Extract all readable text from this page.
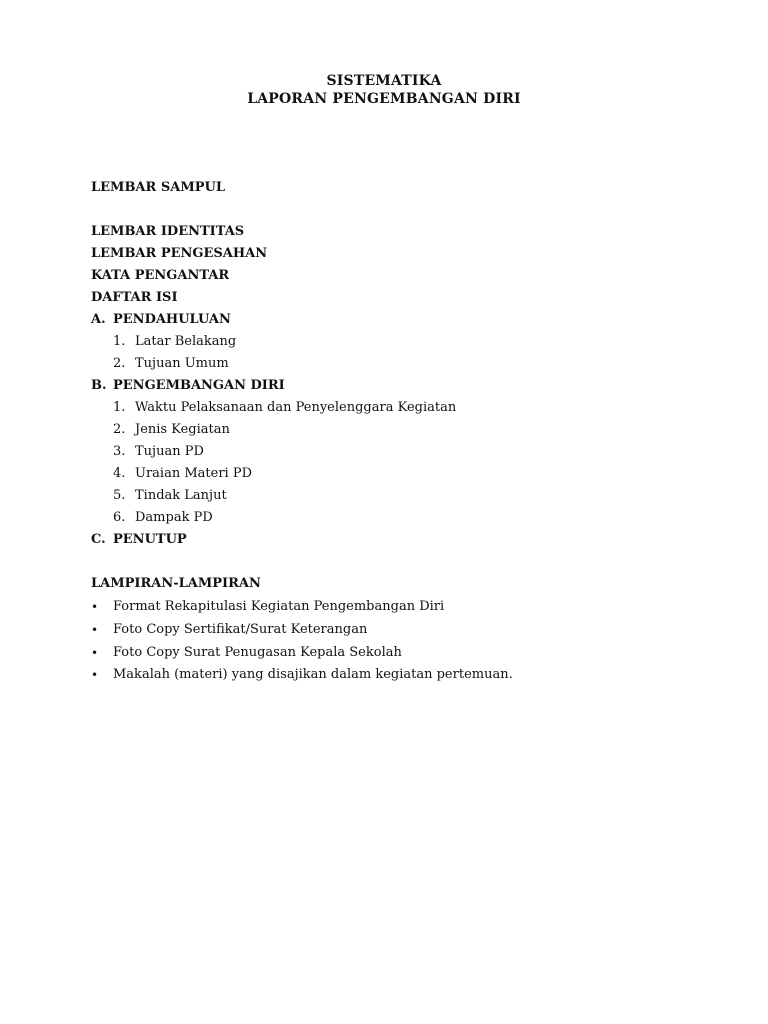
SISTEMATIKA
LAPORAN PENGEMBANGAN DIRI
LEMBAR SAMPUL
LEMBAR IDENTITAS
LEMBAR PENGESAHAN
KATA PENGANTAR
DAFTAR ISI
A. PENDAHULUAN
1. Latar Belakang
2. Tujuan Umum
B. PENGEMBANGAN DIRI
1. Waktu Pelaksanaan dan Penyelenggara Kegiatan
2. Jenis Kegiatan
3. Tujuan PD
4. Uraian Materi PD
5. Tindak Lanjut
6. Dampak PD
C. PENUTUP
LAMPIRAN-LAMPIRAN
• Format Rekapitulasi Kegiatan Pengembangan Diri
• Foto Copy Sertifikat/Surat Keterangan
• Foto Copy Surat Penugasan Kepala Sekolah
• Makalah (materi) yang disajikan dalam kegiatan pertemuan.
